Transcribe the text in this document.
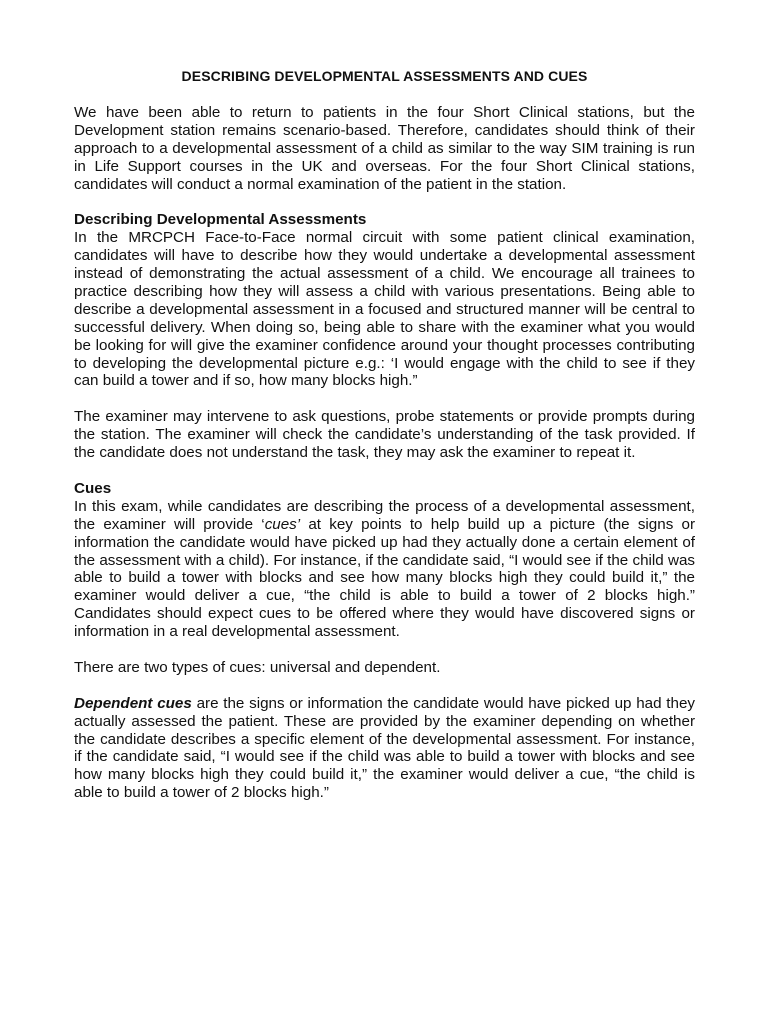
DESCRIBING DEVELOPMENTAL ASSESSMENTS AND CUES

We have been able to return to patients in the four Short Clinical stations, but the Development station remains scenario-based. Therefore, candidates should think of their approach to a developmental assessment of a child as similar to the way SIM training is run in Life Support courses in the UK and overseas. For the four Short Clinical stations, candidates will conduct a normal examination of the patient in the station.

Describing Developmental Assessments

In the MRCPCH Face-to-Face normal circuit with some patient clinical examination, candidates will have to describe how they would undertake a developmental assessment instead of demonstrating the actual assessment of a child. We encourage all trainees to practice describing how they will assess a child with various presentations. Being able to describe a developmental assessment in a focused and structured manner will be central to successful delivery. When doing so, being able to share with the examiner what you would be looking for will give the examiner confidence around your thought processes contributing to developing the developmental picture e.g.: ‘I would engage with the child to see if they can build a tower and if so, how many blocks high.”

The examiner may intervene to ask questions, probe statements or provide prompts during the station. The examiner will check the candidate’s understanding of the task provided. If the candidate does not understand the task, they may ask the examiner to repeat it.

Cues

In this exam, while candidates are describing the process of a developmental assessment, the examiner will provide ‘cues’ at key points to help build up a picture (the signs or information the candidate would have picked up had they actually done a certain element of the assessment with a child). For instance, if the candidate said, “I would see if the child was able to build a tower with blocks and see how many blocks high they could build it,” the examiner would deliver a cue, “the child is able to build a tower of 2 blocks high.” Candidates should expect cues to be offered where they would have discovered signs or information in a real developmental assessment.

There are two types of cues: universal and dependent.

Dependent cues are the signs or information the candidate would have picked up had they actually assessed the patient. These are provided by the examiner depending on whether the candidate describes a specific element of the developmental assessment. For instance, if the candidate said, “I would see if the child was able to build a tower with blocks and see how many blocks high they could build it,” the examiner would deliver a cue, “the child is able to build a tower of 2 blocks high.”
